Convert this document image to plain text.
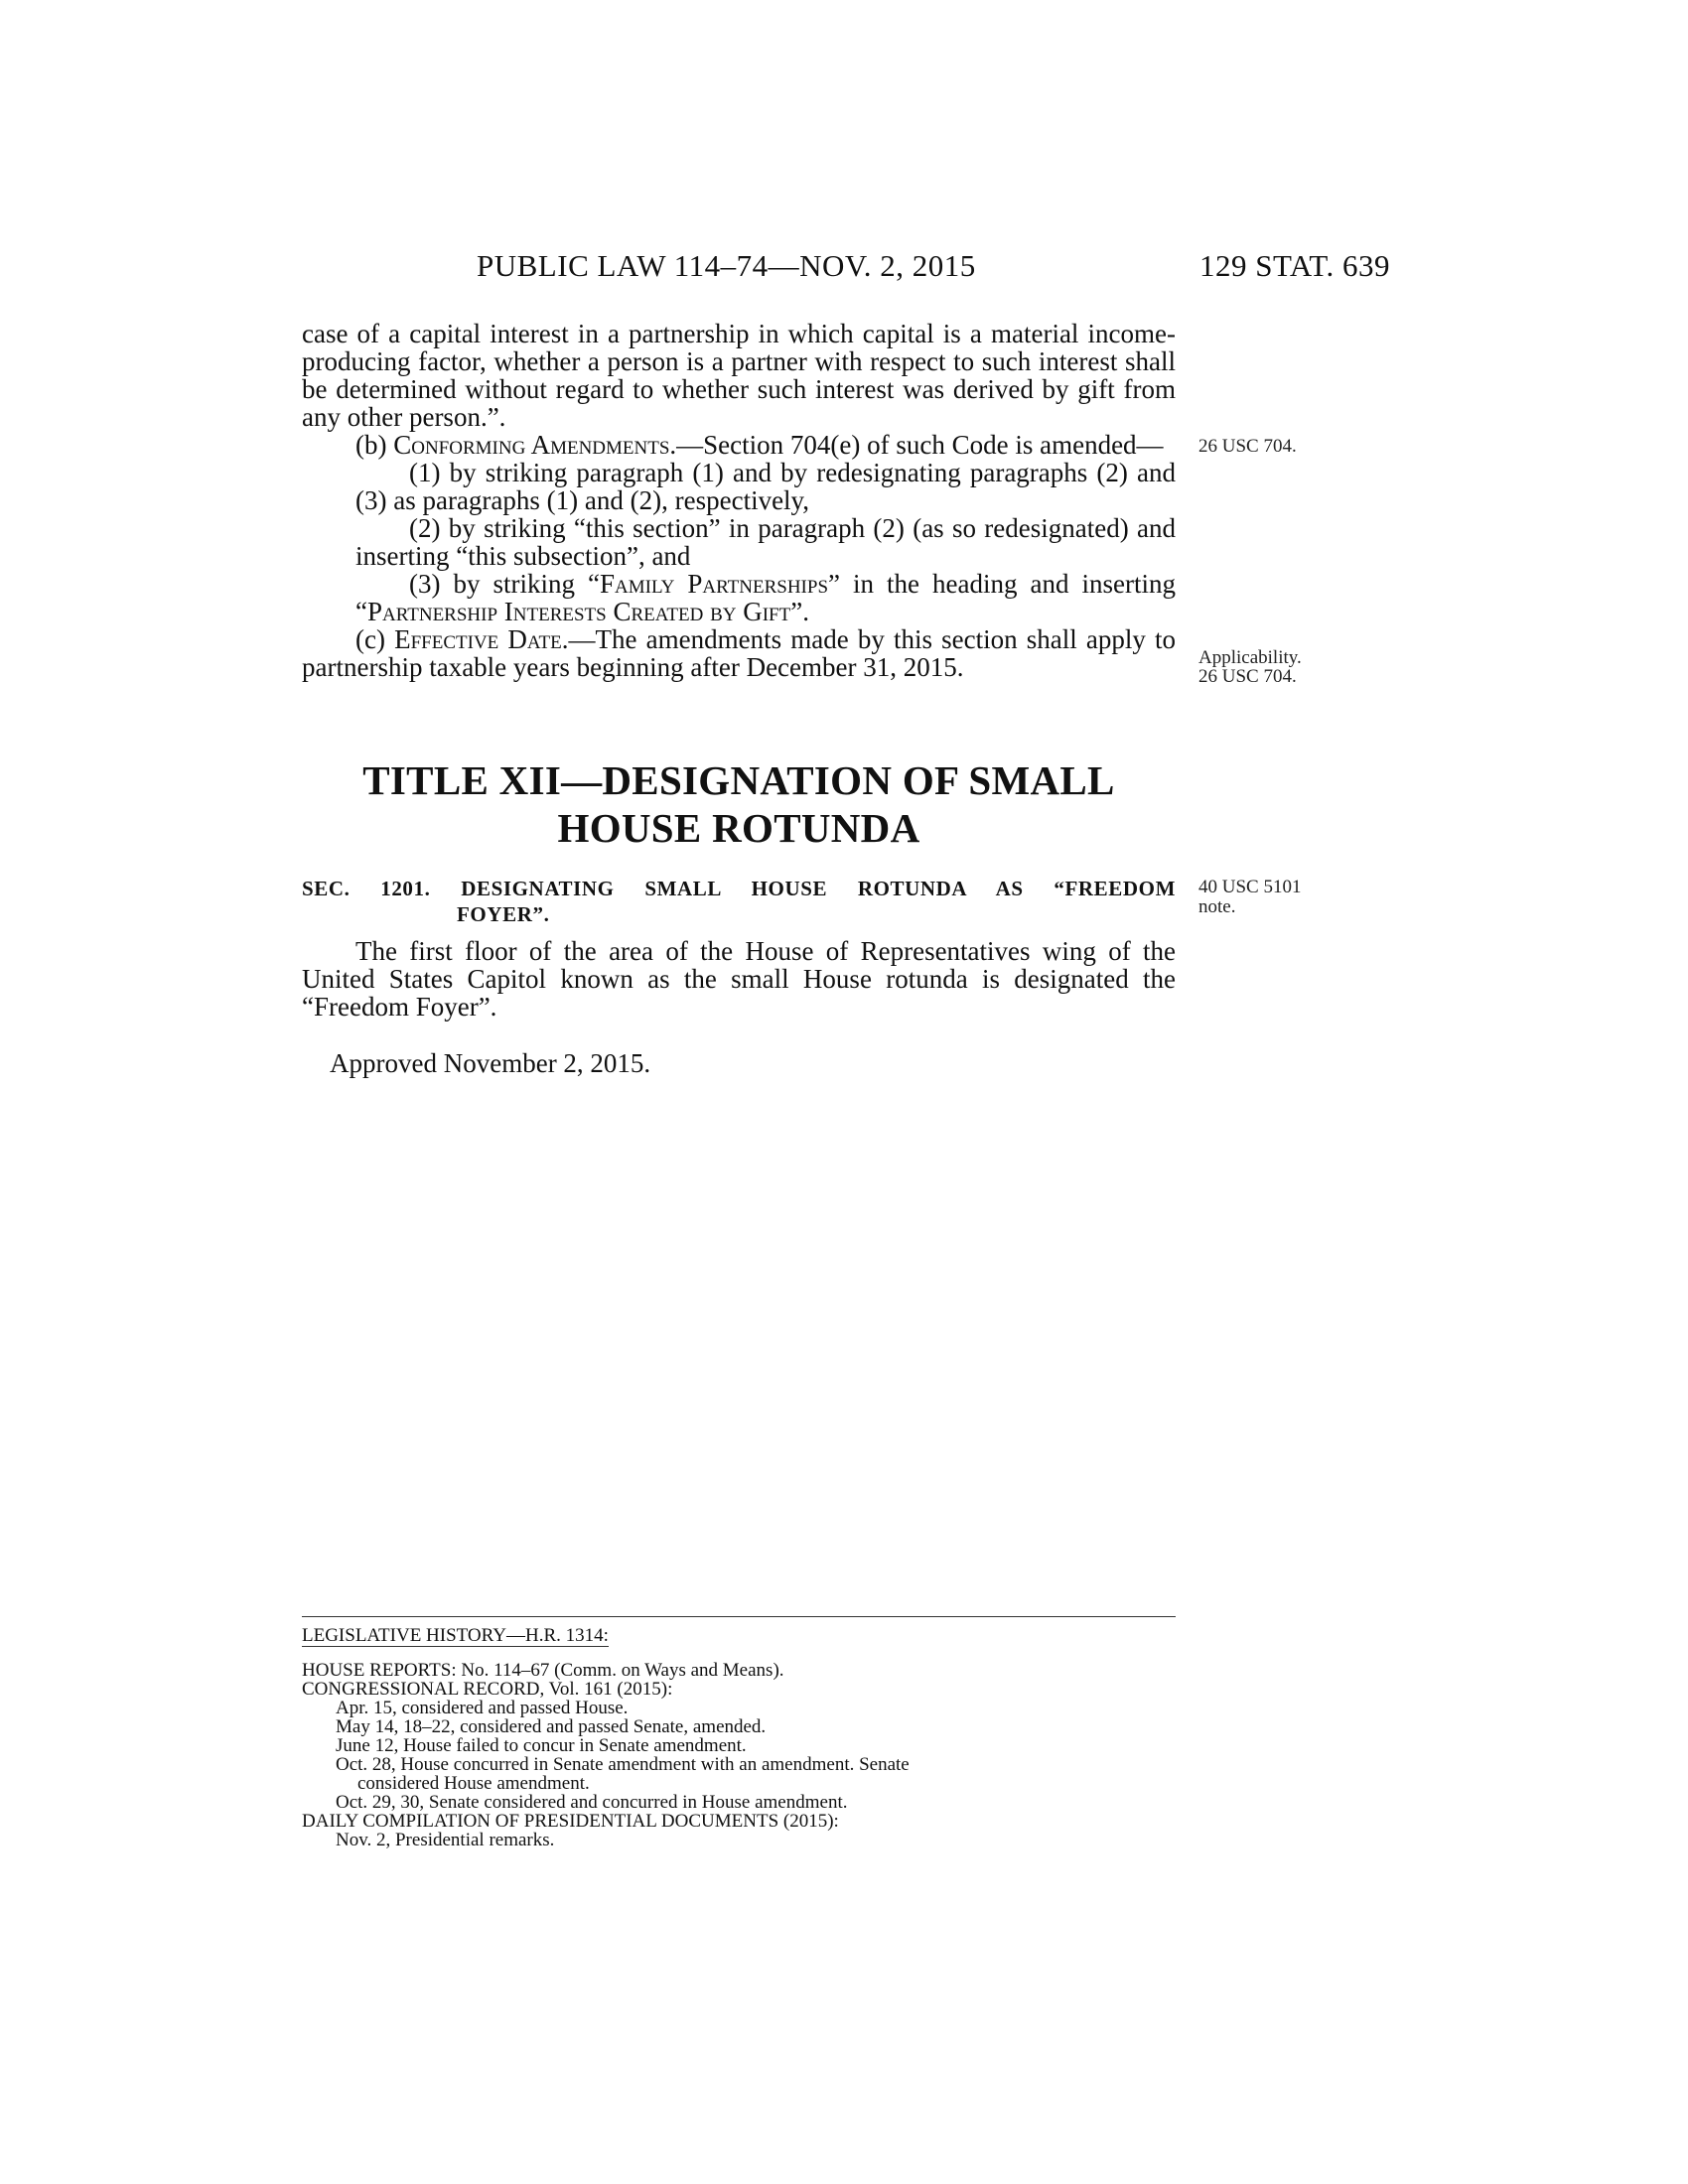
PUBLIC LAW 114–74—NOV. 2, 2015	129 STAT. 639

case of a capital interest in a partnership in which capital is a material income-producing factor, whether a person is a partner with respect to such interest shall be determined without regard to whether such interest was derived by gift from any other person.”.

(b) Conforming Amendments.—Section 704(e) of such Code is amended—

(1) by striking paragraph (1) and by redesignating paragraphs (2) and (3) as paragraphs (1) and (2), respectively,

(2) by striking “this section” in paragraph (2) (as so redesignated) and inserting “this subsection”, and

(3) by striking “Family Partnerships” in the heading and inserting “Partnership Interests Created by Gift”.

(c) Effective Date.—The amendments made by this section shall apply to partnership taxable years beginning after December 31, 2015.

26 USC 704.
Applicability.
26 USC 704.
TITLE XII—DESIGNATION OF SMALL
HOUSE ROTUNDA
SEC. 1201. DESIGNATING SMALL HOUSE ROTUNDA AS “FREEDOM
FOYER”.
40 USC 5101
note.

The first floor of the area of the House of Representatives wing of the United States Capitol known as the small House rotunda is designated the “Freedom Foyer”.

Approved November 2, 2015.
LEGISLATIVE HISTORY—H.R. 1314:
HOUSE REPORTS: No. 114–67 (Comm. on Ways and Means).
CONGRESSIONAL RECORD, Vol. 161 (2015):
Apr. 15, considered and passed House.
May 14, 18–22, considered and passed Senate, amended.
June 12, House failed to concur in Senate amendment.
Oct. 28, House concurred in Senate amendment with an amendment. Senate
considered House amendment.
Oct. 29, 30, Senate considered and concurred in House amendment.
DAILY COMPILATION OF PRESIDENTIAL DOCUMENTS (2015):
Nov. 2, Presidential remarks.
